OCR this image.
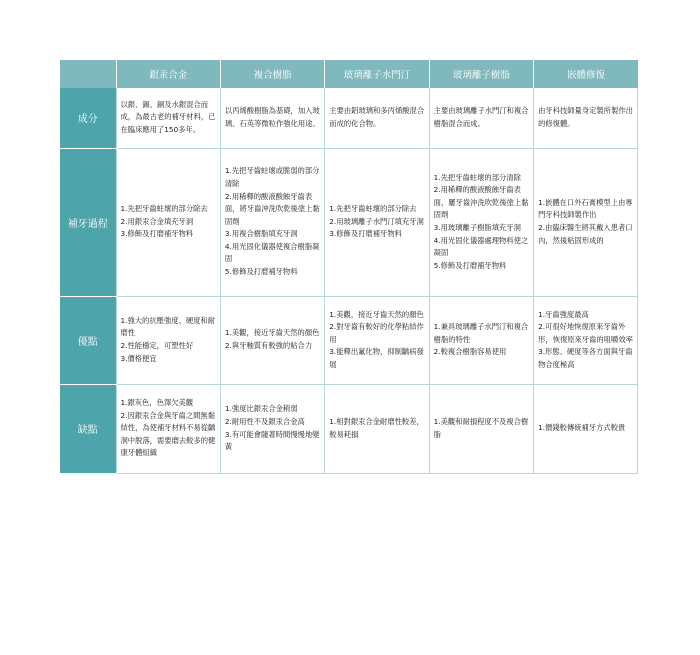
	銀汞合金	複合樹脂	玻璃離子水門汀	玻璃離子樹脂	嵌體修復
成分	以銀、錫、銅及水銀混合而成，為最古老的補牙材料，已在臨床應用了150多年。	以丙烯酸樹脂為基礎，加入玻璃、石英等微粒作強化用途。	主要由鋁玻璃和多丙烯酸混合而成的化合物。	主要由玻璃離子水門汀和複合樹脂混合而成。	由牙科技師量身定製所製作出的修復體。
補牙過程	1.先把牙齒蛀壞的部分除去
2.用銀汞合金填充牙洞
3.修飾及打磨補牙物料	1.先把牙齒蛀壞或脆弱的部分清除
2.用稀釋的酸液酸蝕牙齒表面，將牙齒沖洗吹乾後塗上黏固劑
3.用複合樹脂填充牙洞
4.用光固化儀器使複合樹脂凝固
5.修飾及打磨補牙物料	1.先把牙齒蛀壞的部分除去
2.用玻璃離子水門汀填充牙洞
3.修飾及打磨補牙物料	1.先把牙齒蛀壞的部分清除
2.用稀釋的酸液酸蝕牙齒表面，屢牙齒沖洗吹乾後塗上黏固劑
3.用玻璃離子樹脂填充牙洞
4.用光固化儀器處理物料使之凝固
5.修飾及打磨補牙物料	1.嵌體在口外石膏模型上由專門牙科技師製作出
2.由臨床醫生將其戴入患者口內，然後粘固形成的
優點	1.強大的抗壓強度、硬度和耐磨性
2.性能穩定，可塑性好
3.價格便宜	1.美觀，接近牙齒天然的顏色
2.與牙釉質有較強的粘合力	1.美觀，接近牙齒天然的顏色
2.對牙齒有較好的化學粘結作用
3.能釋出氟化物，抑制齲病發展	1.兼具玻璃離子水門汀和複合樹脂的特性
2.較複合樹脂容易使用	1.牙齒強度最高
2.可很好地恢復原來牙齒外形，恢復原來牙齒的咀嚼效率
3.形態、硬度等各方面與牙齒物合度極高
缺點	1.銀灰色，色澤欠美觀
2.因銀汞合金與牙齒之間無黏結性，為使補牙材料不易從齲洞中脫落，需要磨去較多的健康牙體組織	1.強度比銀汞合金稍弱
2.耐用性不及銀汞合金高
3.有可能會隨著時間慢慢地變黃	1.相對銀汞合金耐磨性較差，較易耗損	1.美觀和耐損程度不及複合樹脂	1.價錢較傳統補牙方式較貴
